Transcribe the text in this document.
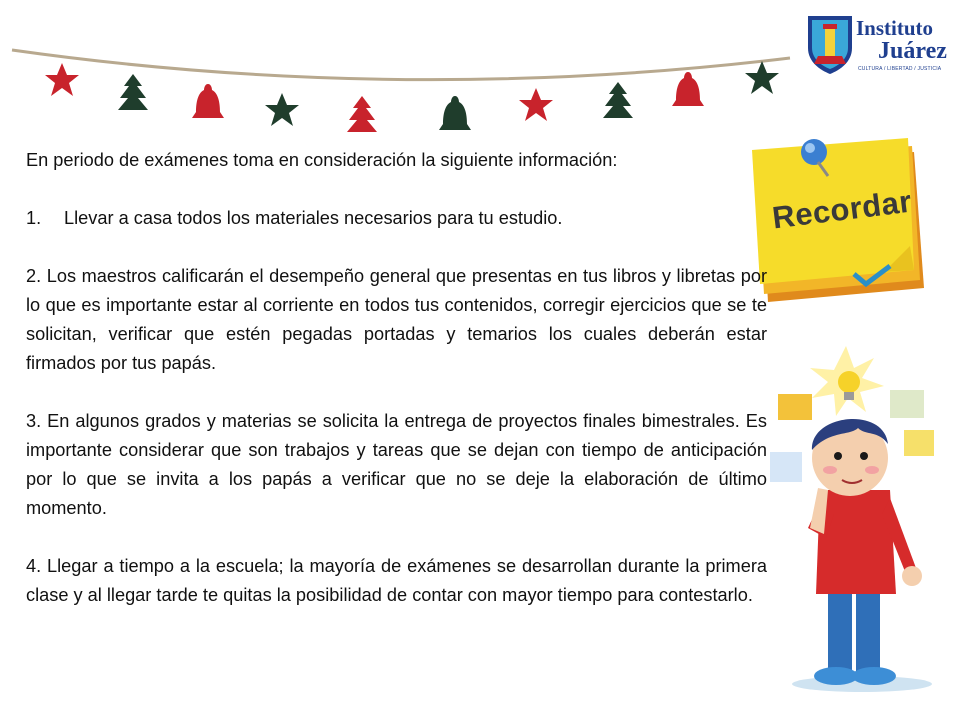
Instituto
Juárez
CULTURA / LIBERTAD / JUSTICIA
Recordar

En periodo de exámenes toma en consideración la siguiente información:

1. Llevar a casa todos los materiales necesarios para tu estudio.

2. Los maestros calificarán el desempeño general que presentas en tus libros y libretas por lo que es importante estar al corriente en todos tus contenidos, corregir ejercicios que se te solicitan, verificar que estén pegadas portadas y temarios los cuales deberán estar firmados por tus papás.

3. En algunos grados y materias se solicita la entrega de proyectos finales bimestrales. Es importante considerar que son trabajos y tareas que se dejan con tiempo de anticipación por lo que se invita a los papás a verificar que no se deje la elaboración de último momento.

4. Llegar a tiempo a la escuela; la mayoría de exámenes se desarrollan durante la primera clase y al llegar tarde te quitas la posibilidad de contar con mayor tiempo para contestarlo.
